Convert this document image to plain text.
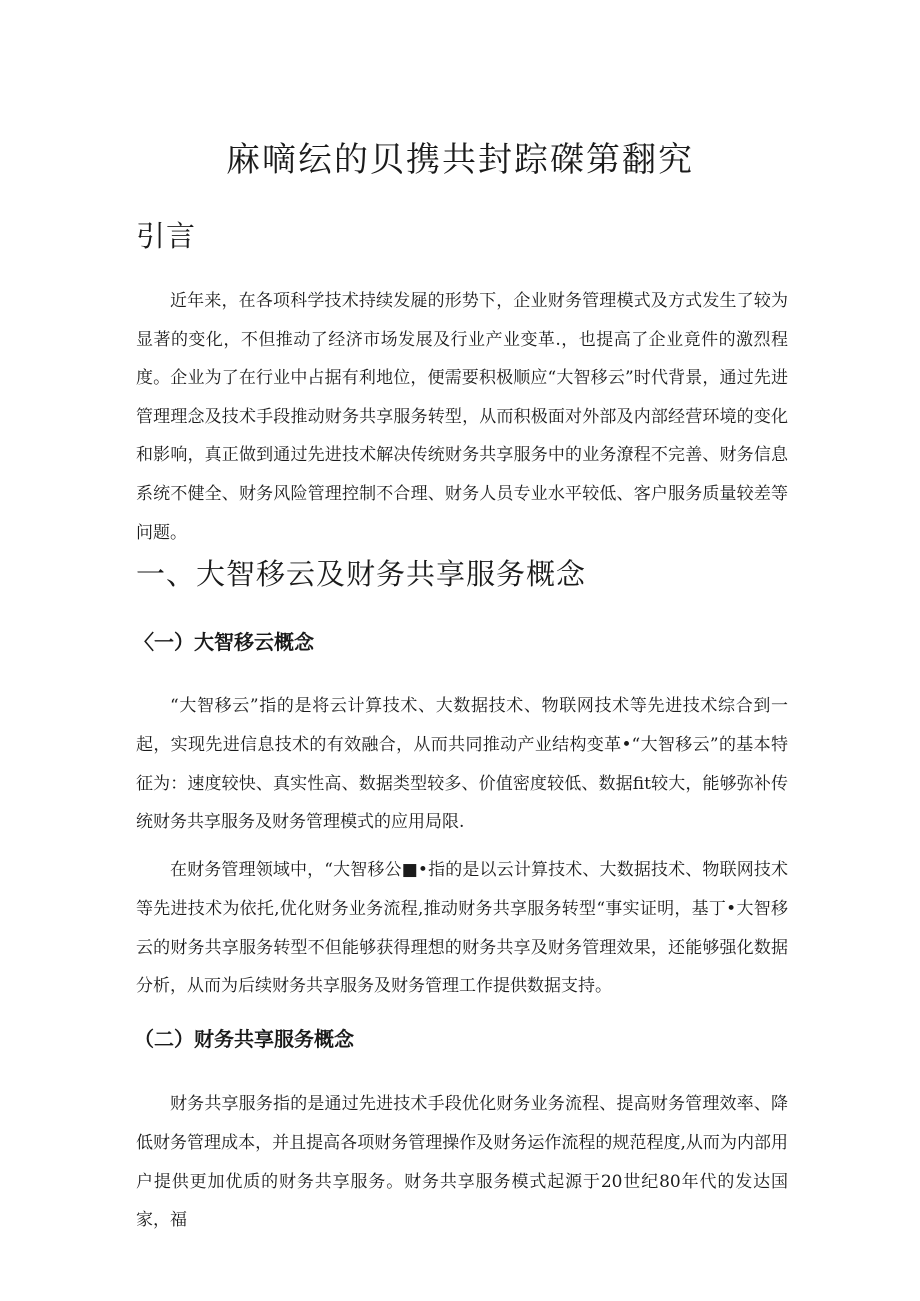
麻嘀纭的贝携共封踪磔第翻究
引言

近年来，在各项科学技术持续发屣的形势下，企业财务管理模式及方式发生了较为显著的变化，不但推动了经济市场发展及行业产业变革.，也提高了企业竟件的激烈程度。企业为了在行业中占据有利地位，便需要积极顺应“大智移云”时代背景，通过先进管理理念及技术手段推动财务共享服务转型，从而积极面对外部及内部经营环境的变化和影响，真正做到通过先进技术解决传统财务共享服务中的业务潦程不完善、财务信息系统不健全、财务风险管理控制不合理、财务人员专业水平较低、客户服务质量较差等问题。

一、大智移云及财务共享服务概念
〈一）大智移云概念

“大智移云”指的是将云计算技术、大数据技术、物联网技术等先进技术综合到一起，实现先进信息技术的有效融合，从而共同推动产业结构变革•“大智移云”的基本特征为：速度较快、真实性高、数据类型较多、价值密度较低、数据fit较大，能够弥补传统财务共享服务及财务管理模式的应用局限.

在财务管理领域中，“大智移公■•指的是以云计算技术、大数据技术、物联网技术等先进技术为依托,优化财务业务流程,推动财务共享服务转型“事实证明，基丁•大智移云的财务共享服务转型不但能够获得理想的财务共享及财务管理效果，还能够强化数据分析，从而为后续财务共享服务及财务管理工作提供数据支持。

（二）财务共享服务概念

财务共享服务指的是通过先进技术手段优化财务业务流程、提高财务管理效率、降低财务管理成本，并且提高各项财务管理操作及财务运作流程的规范程度,从而为内部用户提供更加优质的财务共享服务。财务共享服务模式起源于20世纪80年代的发达国家，福
